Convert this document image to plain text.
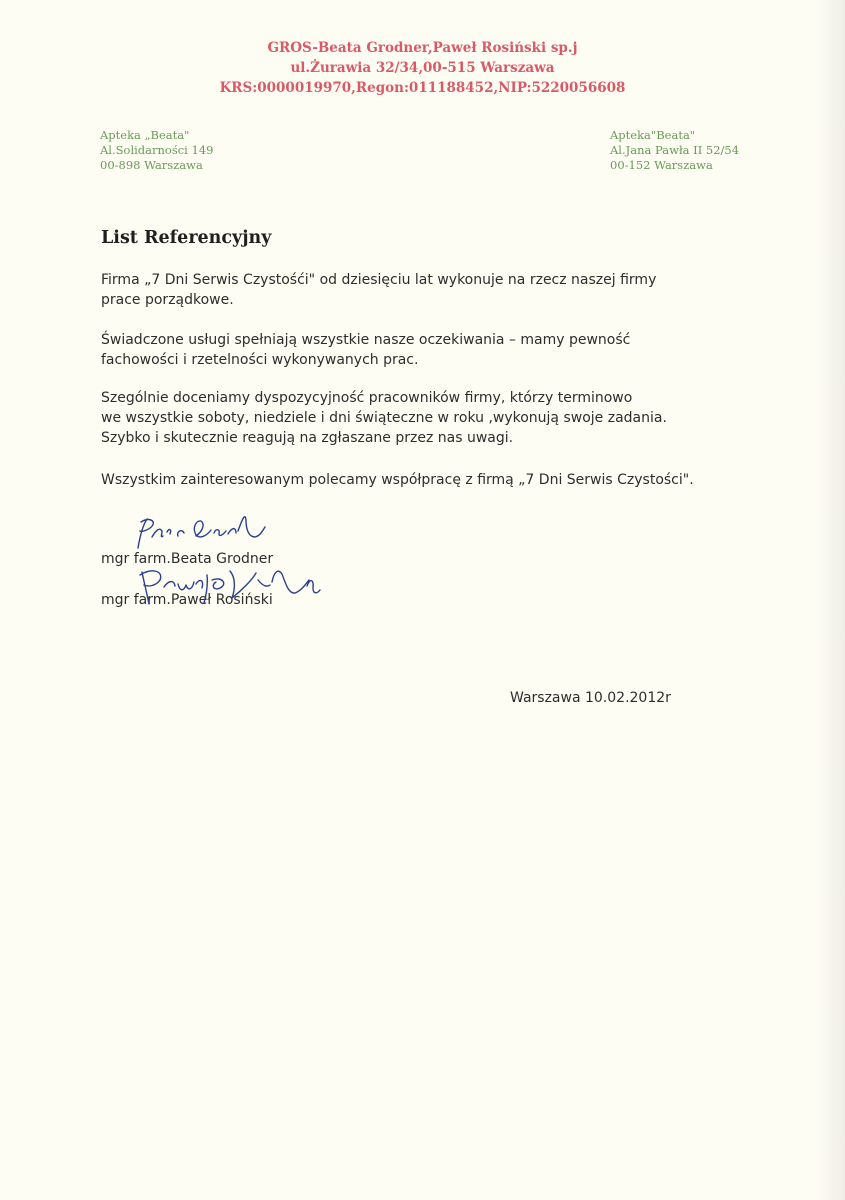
GROS-Beata Grodner,Paweł Rosiński sp.j
ul.Żurawia 32/34,00-515 Warszawa
KRS:0000019970,Regon:011188452,NIP:5220056608
Apteka „Beata"
Al.Solidarności 149
00-898 Warszawa
Apteka"Beata"
Al.Jana Pawła II 52/54
00-152 Warszawa
List Referencyjny
Firma „7 Dni Serwis Czystośći" od dziesięciu lat wykonuje na rzecz naszej firmy
prace porządkowe.
Świadczone usługi spełniają wszystkie nasze oczekiwania – mamy pewność
fachowości i rzetelności wykonywanych prac.
Szególnie doceniamy dyspozycyjność pracowników firmy, którzy terminowo
we wszystkie soboty, niedziele i dni świąteczne w roku ,wykonują swoje zadania.
Szybko i skutecznie reagują na zgłaszane przez nas uwagi.
Wszystkim zainteresowanym polecamy współpracę z firmą „7 Dni Serwis Czystości".
mgr farm.Beata Grodner
mgr farm.Paweł Rosiński
Warszawa 10.02.2012r
